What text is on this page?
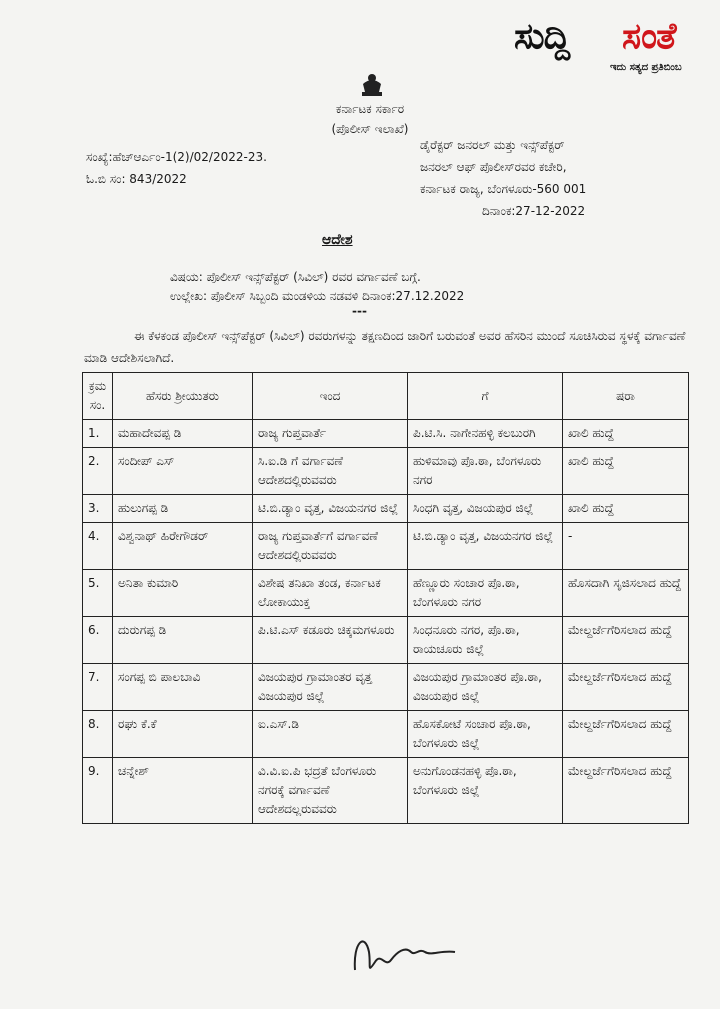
ಸುದ್ದಿ ಸಂತೆ
ಇದು ಸತ್ಯದ ಪ್ರತಿಬಿಂಬ
ಕರ್ನಾಟಕ ಸರ್ಕಾರ
(ಪೊಲೀಸ್ ಇಲಾಖೆ)
ಸಂಖ್ಯೆ:ಹೆಚ್ಆರ್ಎಂ-1(2)/02/2022-23.
ಓ.ಬಿ ಸಂ: 843/2022
ಡೈರೆಕ್ಟರ್ ಜನರಲ್ ಮತ್ತು ಇನ್ಸ್‌ಪೆಕ್ಟರ್
ಜನರಲ್ ಆಫ್ ಪೊಲೀಸ್‌ರವರ ಕಚೇರಿ,
ಕರ್ನಾಟಕ ರಾಜ್ಯ, ಬೆಂಗಳೂರು-560 001
ದಿನಾಂಕ:27-12-2022
ಆದೇಶ
ವಿಷಯ: ಪೊಲೀಸ್ ಇನ್ಸ್‌ಪೆಕ್ಟರ್ (ಸಿವಿಲ್) ರವರ ವರ್ಗಾವಣೆ ಬಗ್ಗೆ.
ಉಲ್ಲೇಖ: ಪೊಲೀಸ್ ಸಿಬ್ಬಂದಿ ಮಂಡಳಿಯ ನಡವಳಿ ದಿನಾಂಕ:27.12.2022
---
ಈ ಕೆಳಕಂಡ ಪೊಲೀಸ್ ಇನ್ಸ್‌ಪೆಕ್ಟರ್ (ಸಿವಿಲ್) ರವರುಗಳನ್ನು ತಕ್ಷಣದಿಂದ ಜಾರಿಗೆ ಬರುವಂತೆ ಅವರ ಹೆಸರಿನ ಮುಂದೆ ಸೂಚಿಸಿರುವ ಸ್ಥಳಕ್ಕೆ ವರ್ಗಾವಣೆ ಮಾಡಿ ಆದೇಶಿಸಲಾಗಿದೆ.
ಕ್ರಮ ಸಂ.	ಹೆಸರು ಶ್ರೀಯುತರು	ಇಂದ	ಗೆ	ಷರಾ
1.	ಮಹಾದೇವಪ್ಪ ಡಿ	ರಾಜ್ಯ ಗುಪ್ತವಾರ್ತೆ	ಪಿ.ಟಿ.ಸಿ. ನಾಗೇನಹಳ್ಳಿ ಕಲಬುರಗಿ	ಖಾಲಿ ಹುದ್ದೆ
2.	ಸಂದೀಪ್ ಎಸ್	ಸಿ.ಐ.ಡಿ ಗೆ ವರ್ಗಾವಣೆ ಆದೇಶದಲ್ಲಿರುವವರು	ಹುಳಿಮಾವು ಪೊ.ಠಾ, ಬೆಂಗಳೂರು ನಗರ	ಖಾಲಿ ಹುದ್ದೆ
3.	ಹುಲುಗಪ್ಪ ಡಿ	ಟಿ.ಬಿ.ಡ್ಯಾಂ ವೃತ್ತ, ವಿಜಯನಗರ ಜಿಲ್ಲೆ	ಸಿಂಧಗಿ ವೃತ್ತ, ವಿಜಯಪುರ ಜಿಲ್ಲೆ	ಖಾಲಿ ಹುದ್ದೆ
4.	ವಿಶ್ವನಾಥ್ ಹಿರೇಗೌಡರ್	ರಾಜ್ಯ ಗುಪ್ತವಾರ್ತೆಗೆ ವರ್ಗಾವಣೆ ಆದೇಶದಲ್ಲಿರುವವರು	ಟಿ.ಬಿ.ಡ್ಯಾಂ ವೃತ್ತ, ವಿಜಯನಗರ ಜಿಲ್ಲೆ	-
5.	ಅನಿತಾ ಕುಮಾರಿ	ವಿಶೇಷ ತನಿಖಾ ತಂಡ, ಕರ್ನಾಟಕ ಲೋಕಾಯುಕ್ತ	ಹೆಣ್ಣೂರು ಸಂಚಾರ ಪೊ.ಠಾ, ಬೆಂಗಳೂರು ನಗರ	ಹೊಸದಾಗಿ ಸೃಜಿಸಲಾದ ಹುದ್ದೆ
6.	ದುರುಗಪ್ಪ ಡಿ	ಪಿ.ಟಿ.ಎಸ್ ಕಡೂರು ಚಿಕ್ಕಮಗಳೂರು	ಸಿಂಧನೂರು ನಗರ, ಪೊ.ಠಾ, ರಾಯಚೂರು ಜಿಲ್ಲೆ	ಮೇಲ್ದರ್ಜೆಗೆರಿಸಲಾದ ಹುದ್ದೆ
7.	ಸಂಗಪ್ಪ ಬಿ ಪಾಲಬಾವಿ	ವಿಜಯಪುರ ಗ್ರಾಮಾಂತರ ವೃತ್ತ ವಿಜಯಪುರ ಜಿಲ್ಲೆ	ವಿಜಯಪುರ ಗ್ರಾಮಾಂತರ ಪೊ.ಠಾ, ವಿಜಯಪುರ ಜಿಲ್ಲೆ	ಮೇಲ್ದರ್ಜೆಗೆರಿಸಲಾದ ಹುದ್ದೆ
8.	ರಘು ಕೆ.ಕೆ	ಐ.ಎಸ್.ಡಿ	ಹೊಸಕೋಟೆ ಸಂಚಾರ ಪೊ.ಠಾ, ಬೆಂಗಳೂರು ಜಿಲ್ಲೆ	ಮೇಲ್ದರ್ಜೆಗೆರಿಸಲಾದ ಹುದ್ದೆ
9.	ಚನ್ನೇಶ್	ವಿ.ವಿ.ಐ.ಪಿ ಭದ್ರತೆ ಬೆಂಗಳೂರು ನಗರಕ್ಕೆ ವರ್ಗಾವಣೆ ಆದೇಶದಲ್ಲರುವವರು	ಅನುಗೊಂಡನಹಳ್ಳಿ ಪೊ.ಠಾ, ಬೆಂಗಳೂರು ಜಿಲ್ಲೆ	ಮೇಲ್ದರ್ಜೆಗೆರಿಸಲಾದ ಹುದ್ದೆ
